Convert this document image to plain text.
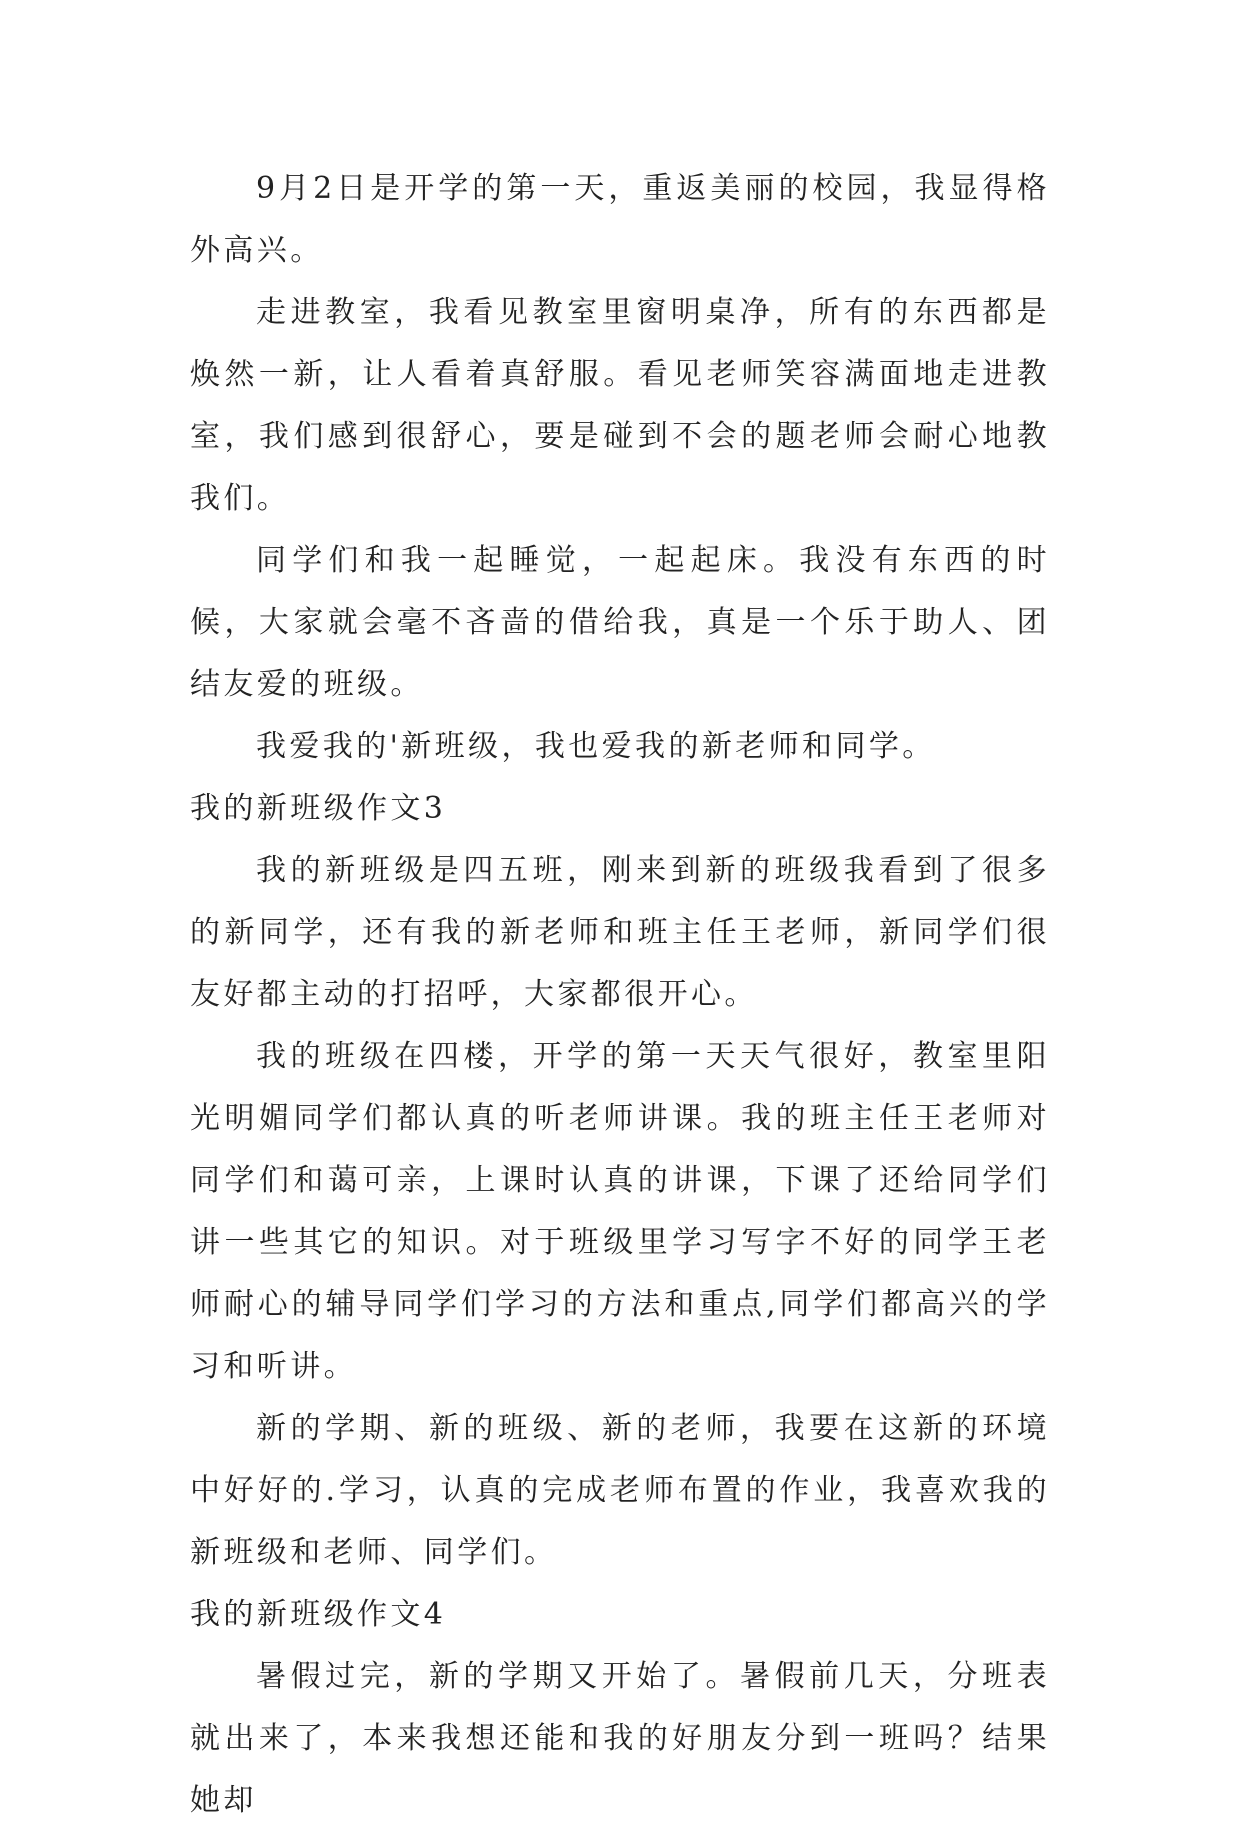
9月2日是开学的第一天，重返美丽的校园，我显得格外高兴。

走进教室，我看见教室里窗明桌净，所有的东西都是焕然一新，让人看着真舒服。看见老师笑容满面地走进教室，我们感到很舒心，要是碰到不会的题老师会耐心地教我们。

同学们和我一起睡觉，一起起床。我没有东西的时候，大家就会毫不吝啬的借给我，真是一个乐于助人、团结友爱的班级。

我爱我的'新班级，我也爱我的新老师和同学。

我的新班级作文3

我的新班级是四五班，刚来到新的班级我看到了很多的新同学，还有我的新老师和班主任王老师，新同学们很友好都主动的打招呼，大家都很开心。

我的班级在四楼，开学的第一天天气很好，教室里阳光明媚同学们都认真的听老师讲课。我的班主任王老师对同学们和蔼可亲，上课时认真的讲课，下课了还给同学们讲一些其它的知识。对于班级里学习写字不好的同学王老师耐心的辅导同学们学习的方法和重点,同学们都高兴的学习和听讲。

新的学期、新的班级、新的老师，我要在这新的环境中好好的.学习，认真的完成老师布置的作业，我喜欢我的新班级和老师、同学们。

我的新班级作文4

暑假过完，新的学期又开始了。暑假前几天，分班表就出来了，本来我想还能和我的好朋友分到一班吗？结果她却
